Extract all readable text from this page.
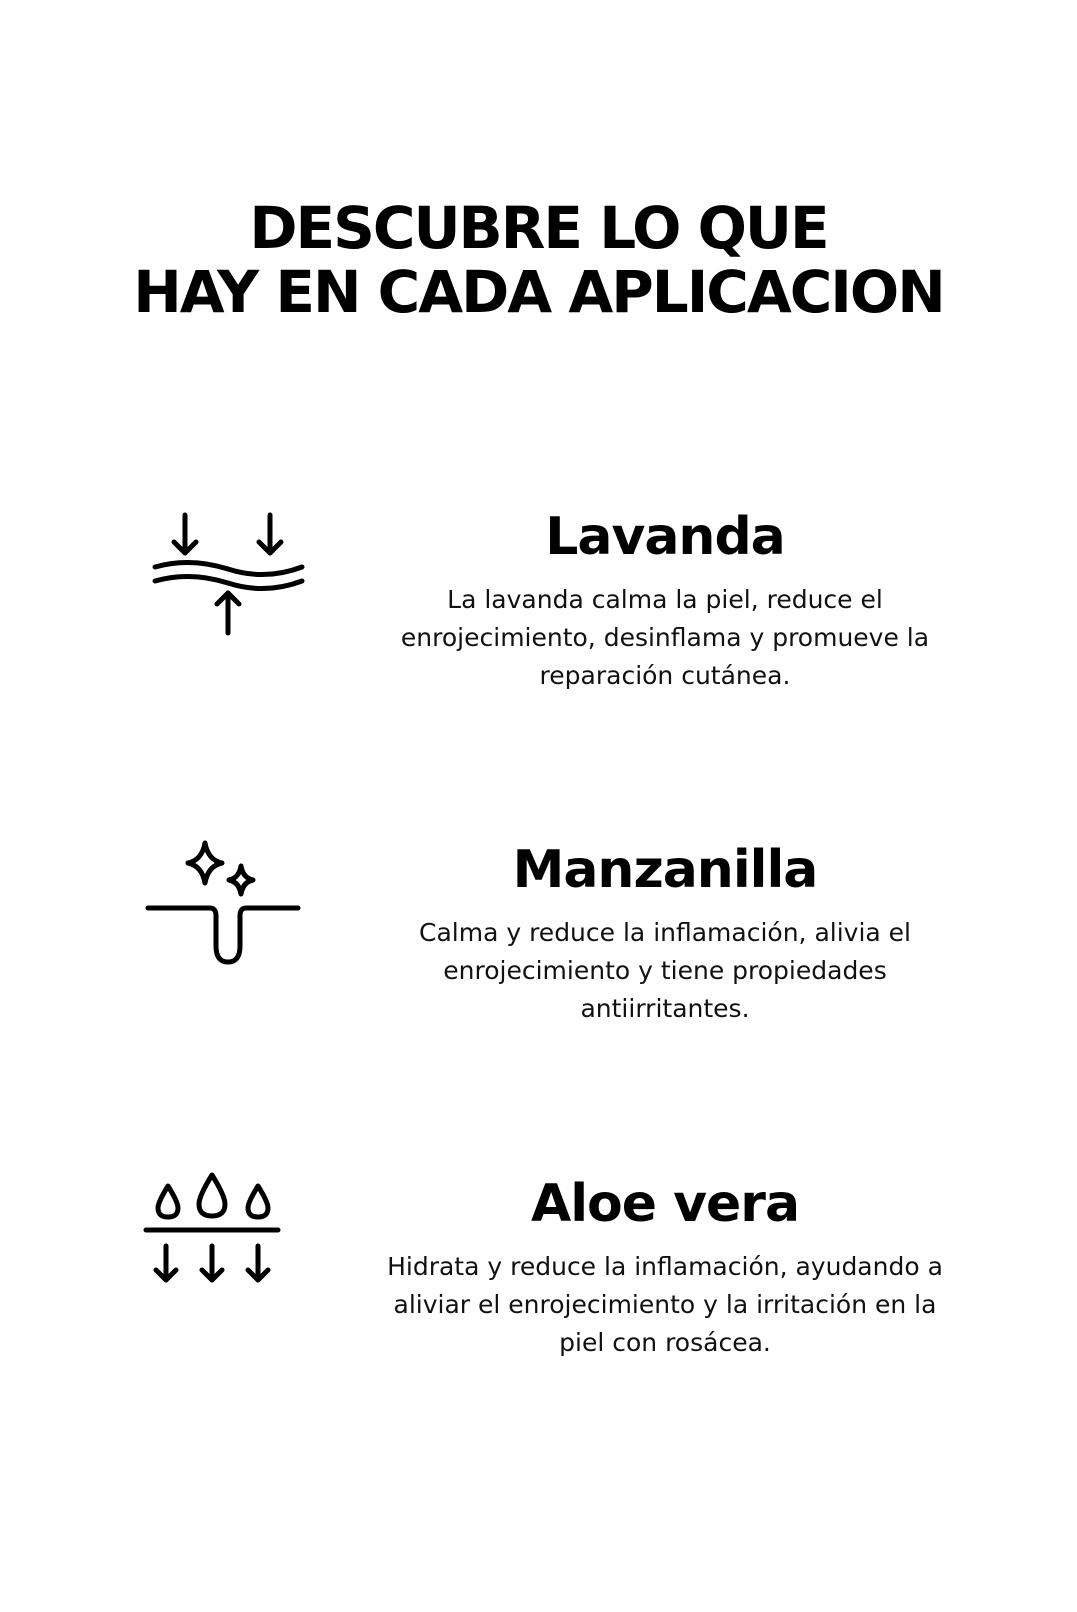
DESCUBRE LO QUE
HAY EN CADA APLICACION
Lavanda

La lavanda calma la piel, reduce el enrojecimiento, desinflama y promueve la reparación cutánea.

Manzanilla

Calma y reduce la inflamación, alivia el enrojecimiento y tiene propiedades antiirritantes.

Aloe vera

Hidrata y reduce la inflamación, ayudando a aliviar el enrojecimiento y la irritación en la piel con rosácea.
